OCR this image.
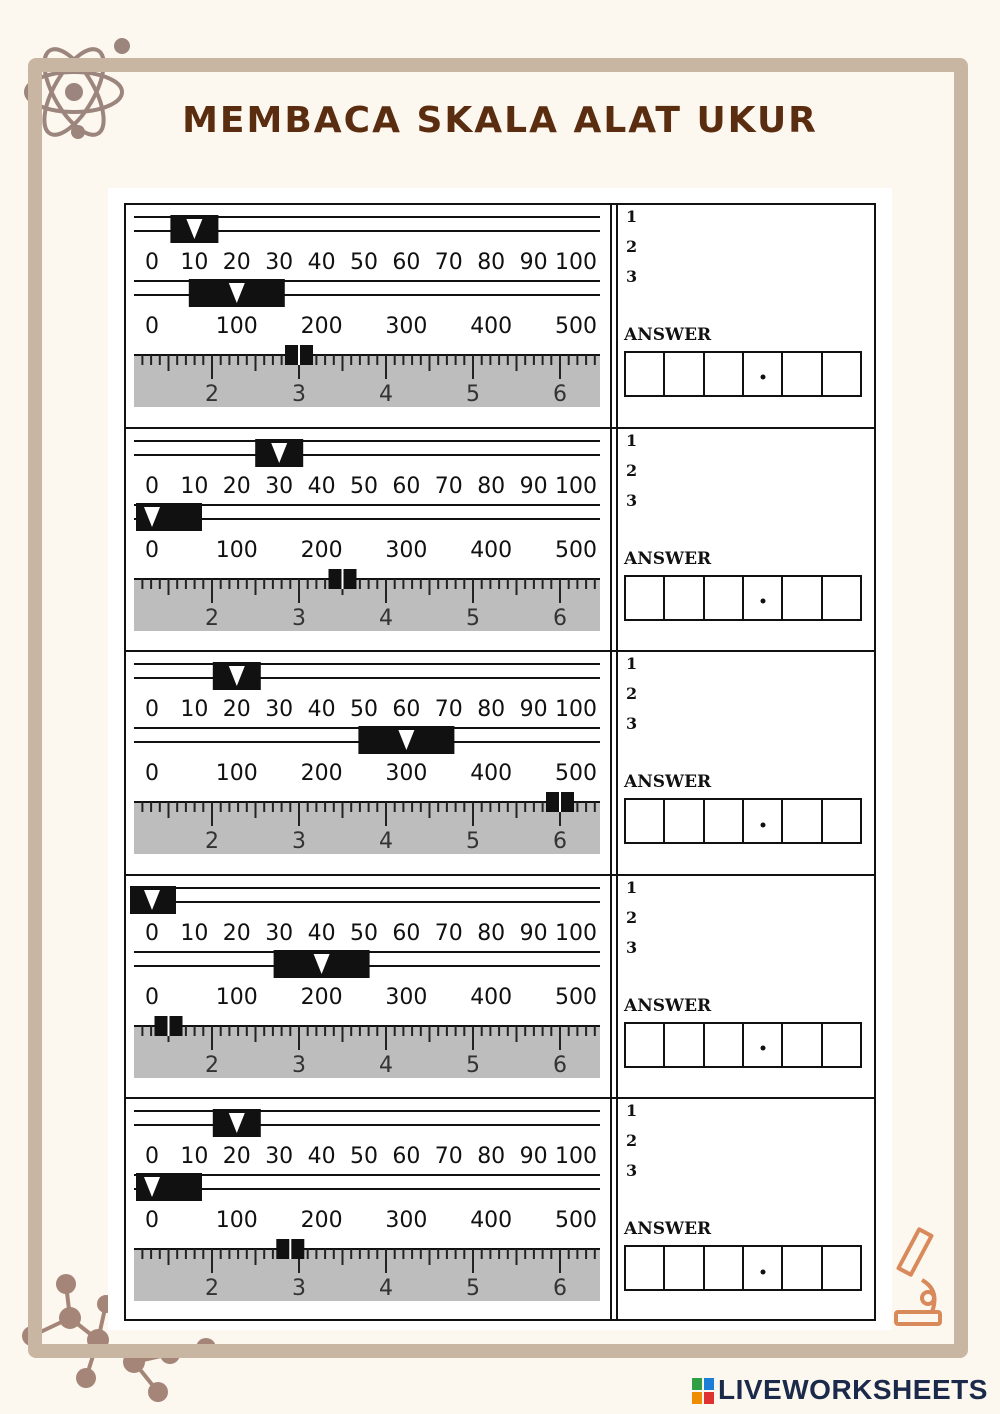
MEMBACA SKALA ALAT UKUR
0 10 20 30 40 50 60 70 80 90 100
0	100 200 300 400 500
2	3	4	5	6
1
2
3
ANSWER
0 10 20 30 40 50 60 70 80 90 100
0	100 200 300 400 500
2	3	4	5	6
1
2
3
ANSWER
0 10 20 30 40 50 60 70 80 90 100
0	100 200 300 400 500
2	3	4	5	6
1
2
3
ANSWER
0 10 20 30 40 50 60 70 80 90 100
0	100 200 300 400 500
2	3	4	5	6
1
2
3
ANSWER
0 10 20 30 40 50 60 70 80 90 100
0	100 200 300 400 500
2	3	4	5	6
1
2
3
ANSWER
LIVEWORKSHEETS
